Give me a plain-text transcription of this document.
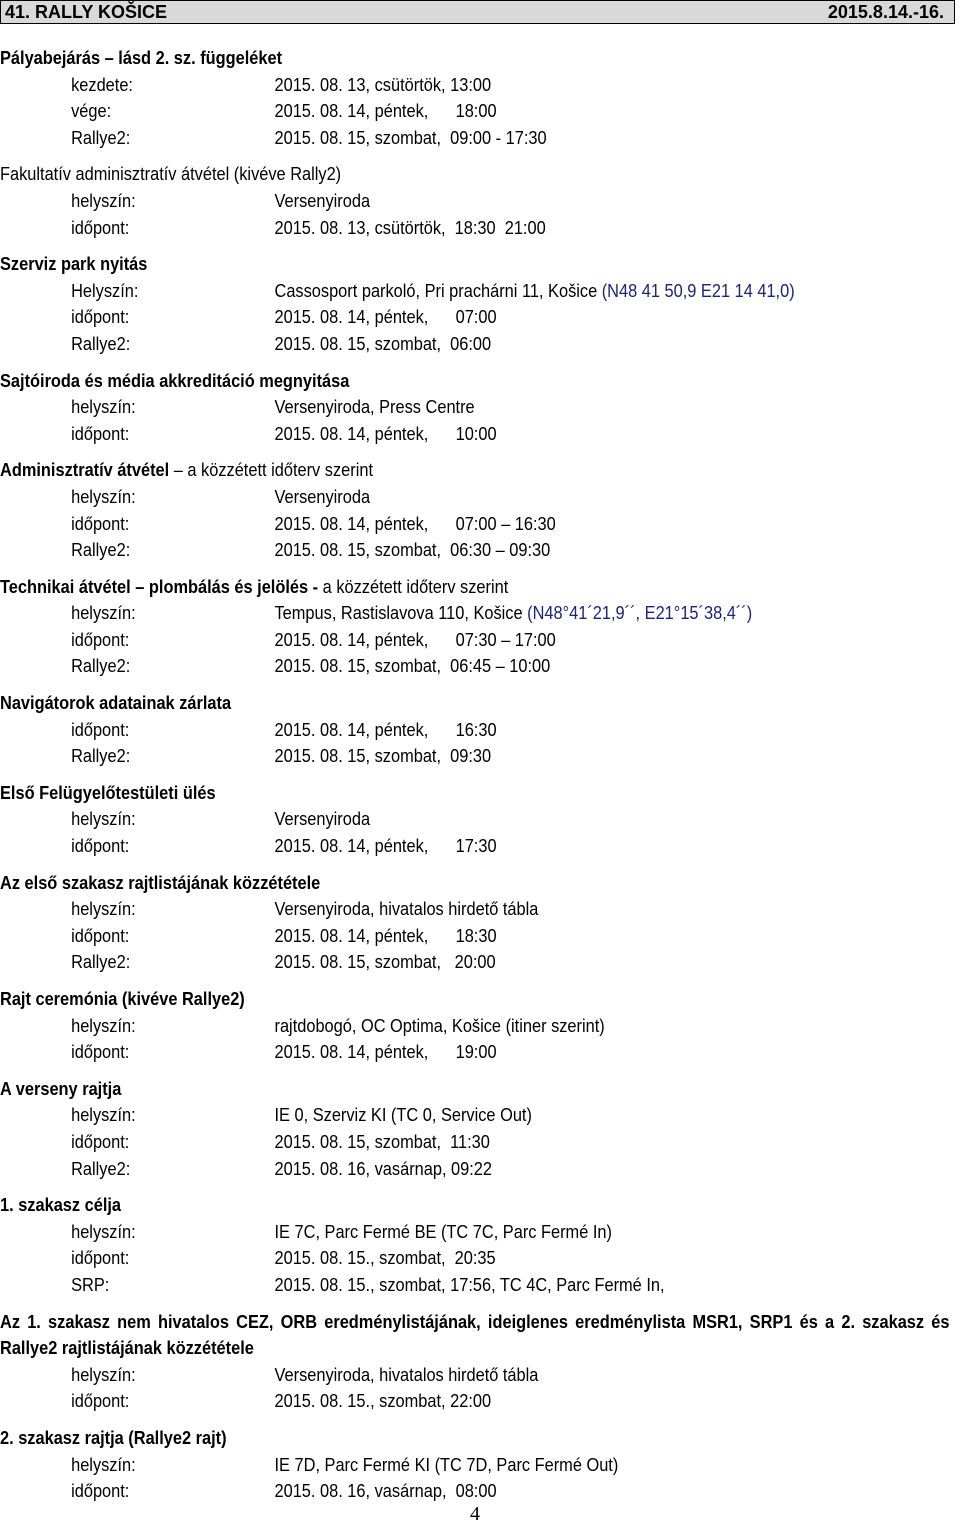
41. RALLY KOŠICE	2015.8.14.-16.
Pályabejárás – lásd 2. sz. függeléket
kezdete:	2015. 08. 13, csütörtök, 13:00
vége:	2015. 08. 14, péntek,      18:00
Rallye2:	2015. 08. 15, szombat,  09:00 - 17:30
Fakultatív adminisztratív átvétel (kivéve Rally2)
helyszín:	Versenyiroda
időpont:	2015. 08. 13, csütörtök,  18:30  21:00
Szerviz park nyitás
Helyszín:	Cassosport parkoló, Pri prachárni 11, Košice (N48 41 50,9 E21 14 41,0)
időpont:	2015. 08. 14, péntek,      07:00
Rallye2:	2015. 08. 15, szombat,  06:00
Sajtóiroda és média akkreditáció megnyitása
helyszín:	Versenyiroda, Press Centre
időpont:	2015. 08. 14, péntek,      10:00
Adminisztratív átvétel – a közzétett időterv szerint
helyszín:	Versenyiroda
időpont:	2015. 08. 14, péntek,      07:00 – 16:30
Rallye2:	2015. 08. 15, szombat,  06:30 – 09:30
Technikai átvétel – plombálás és jelölés - a közzétett időterv szerint
helyszín:	Tempus, Rastislavova 110, Košice (N48°41´21,9´´, E21°15´38,4´´)
időpont:	2015. 08. 14, péntek,      07:30 – 17:00
Rallye2:	2015. 08. 15, szombat,  06:45 – 10:00
Navigátorok adatainak zárlata
időpont:	2015. 08. 14, péntek,      16:30
Rallye2:	2015. 08. 15, szombat,  09:30
Első Felügyelőtestületi ülés
helyszín:	Versenyiroda
időpont:	2015. 08. 14, péntek,      17:30
Az első szakasz rajtlistájának közzététele
helyszín:	Versenyiroda, hivatalos hirdető tábla
időpont:	2015. 08. 14, péntek,      18:30
Rallye2:	2015. 08. 15, szombat,   20:00
Rajt ceremónia (kivéve Rallye2)
helyszín:	rajtdobogó, OC Optima, Košice (itiner szerint)
időpont:	2015. 08. 14, péntek,      19:00
A verseny rajtja
helyszín:	IE 0, Szerviz KI (TC 0, Service Out)
időpont:	2015. 08. 15, szombat,  11:30
Rallye2:	2015. 08. 16, vasárnap, 09:22
1. szakasz célja
helyszín:	IE 7C, Parc Fermé BE (TC 7C, Parc Fermé In)
időpont:	2015. 08. 15., szombat,  20:35
SRP:	2015. 08. 15., szombat, 17:56, TC 4C, Parc Fermé In,
Az 1. szakasz nem hivatalos CEZ, ORB eredménylistájának, ideiglenes eredménylista MSR1, SRP1 és a 2. szakasz és Rallye2 rajtlistájának közzététele
helyszín:	Versenyiroda, hivatalos hirdető tábla
időpont:	2015. 08. 15., szombat, 22:00
2. szakasz rajtja (Rallye2 rajt)
helyszín:	IE 7D, Parc Fermé KI (TC 7D, Parc Fermé Out)
időpont:	2015. 08. 16, vasárnap,  08:00
4
